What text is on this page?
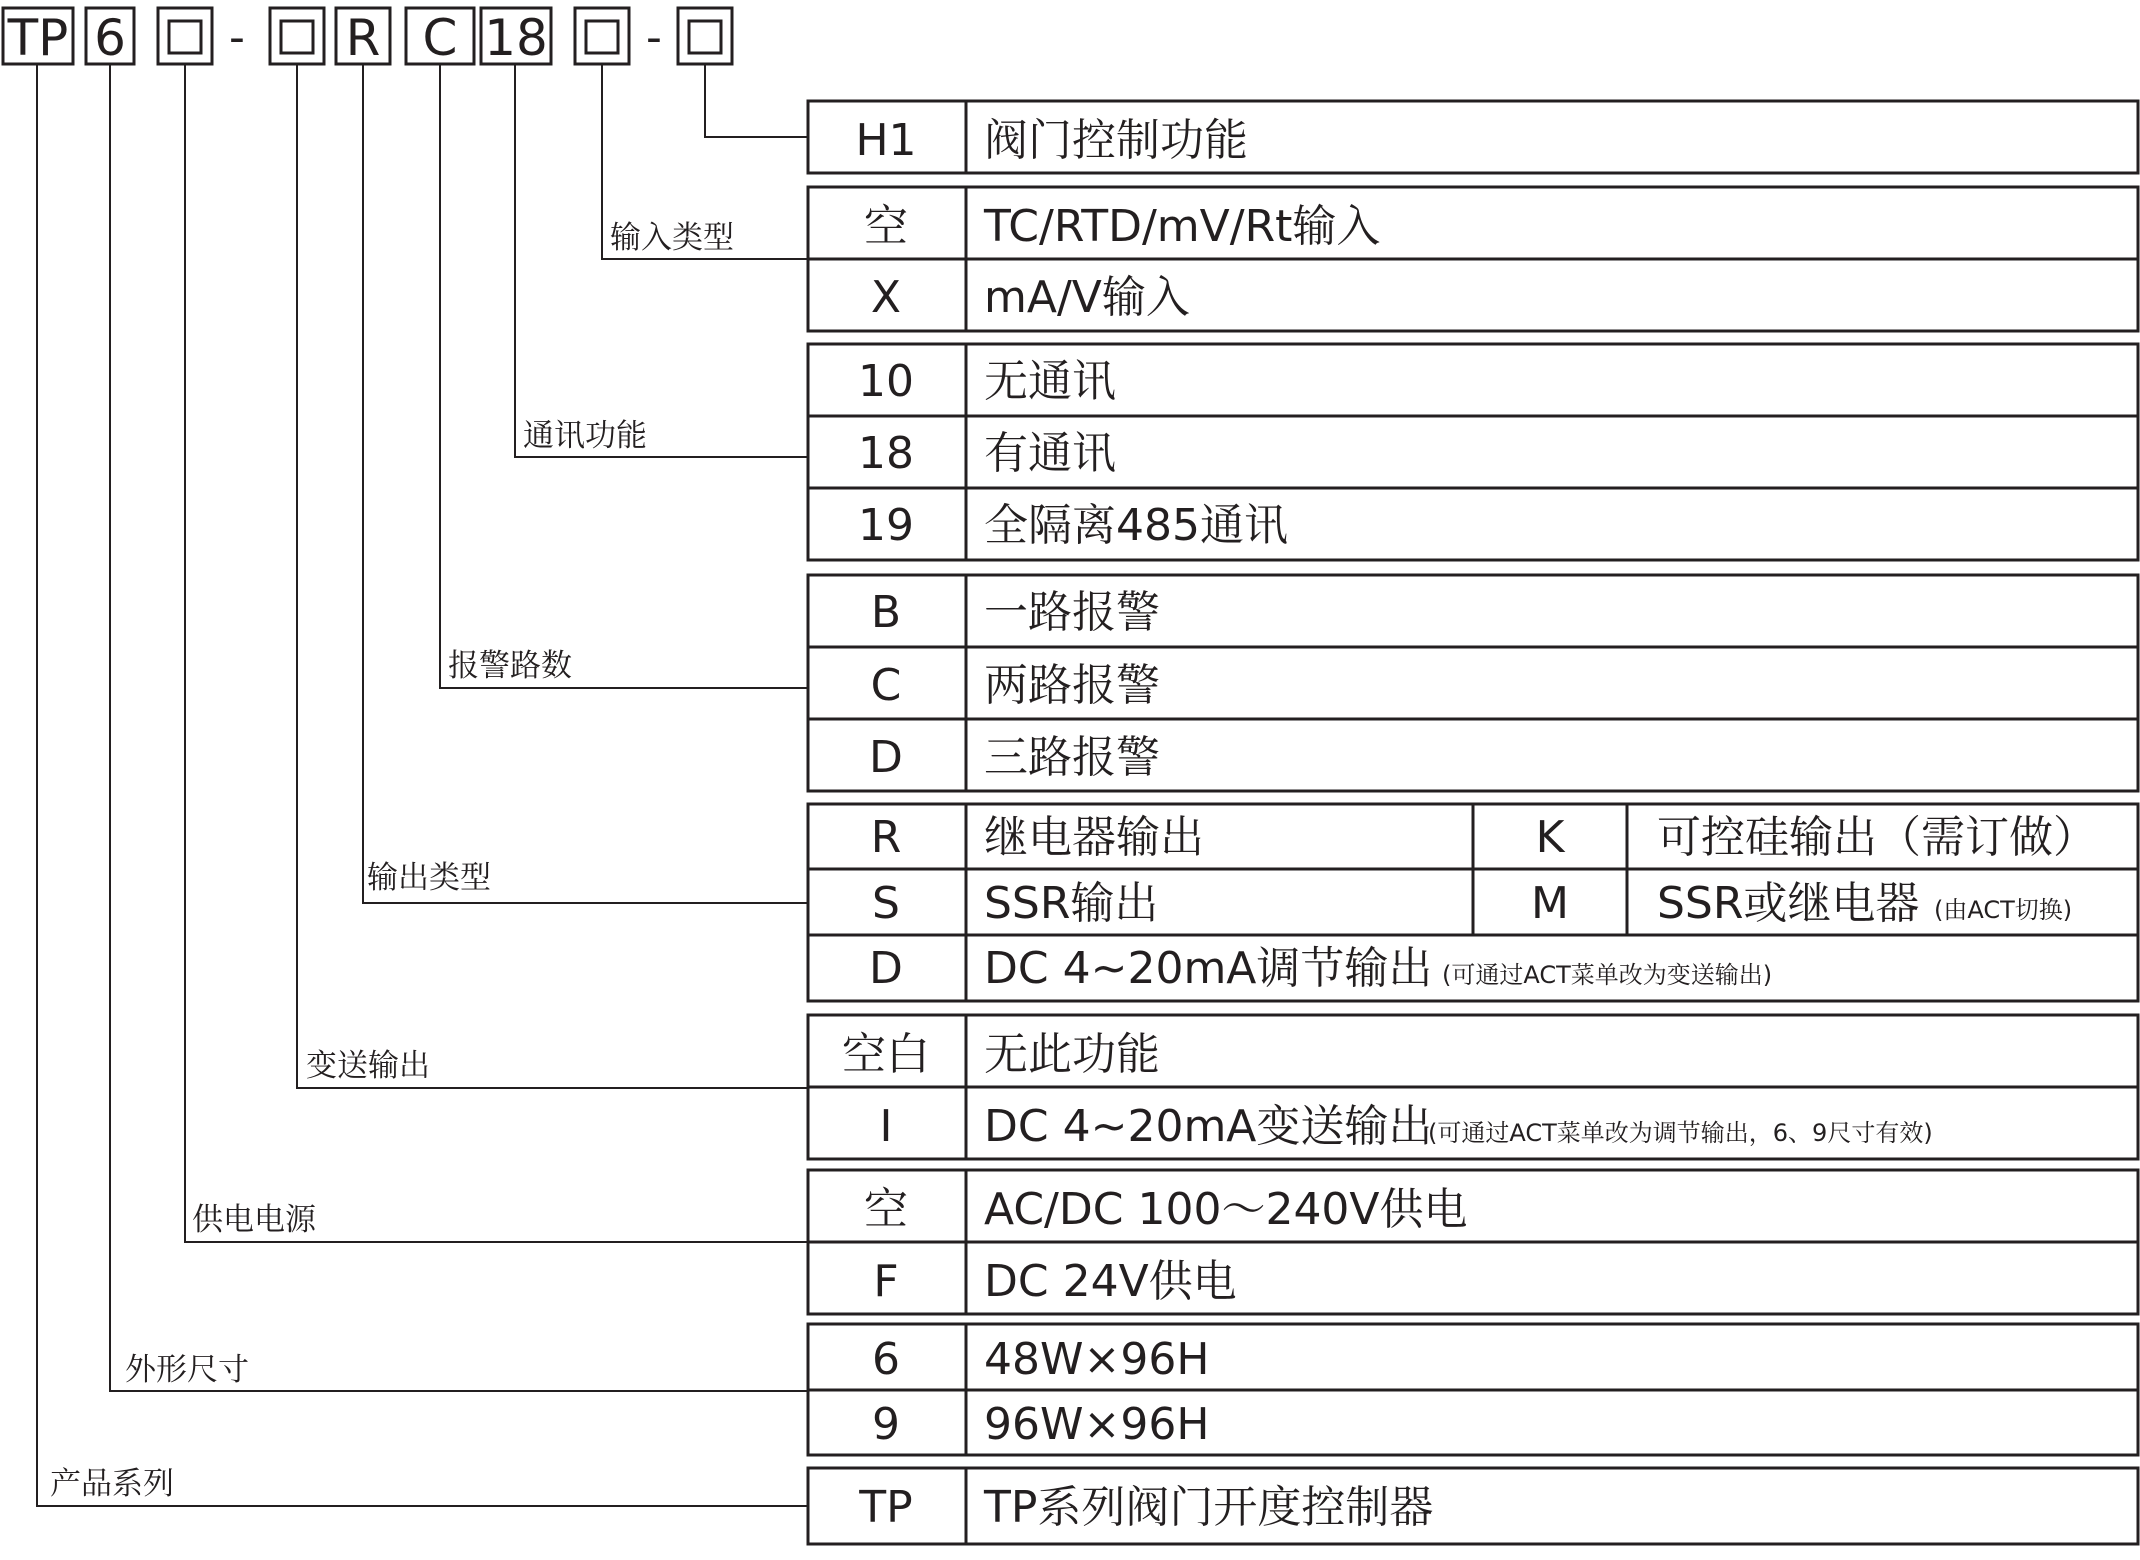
TP 6 - R C 18 -
输入类型
通讯功能
报警路数
输出类型
变送输出
供电电源
外形尺寸
产品系列
H1 阀门控制功能
空 TC/RTD/mV/Rt输入
X mA/V输入
10 无通讯
18 有通讯
19 全隔离485通讯
B 一路报警
C 两路报警
D 三路报警
R 继电器输出	K 可控硅输出（需订做）
S SSR输出	M SSR或继电器 (由ACT切换)
D DC 4~20mA调节输出 (可通过ACT菜单改为变送输出)
空白 无此功能
I DC 4~20mA变送输出
(可通过ACT菜单改为调节输出，6、9尺寸有效)
空 AC/DC 100～240V供电
F DC 24V供电
6 48W×96H
9 96W×96H
TP TP系列阀门开度控制器
